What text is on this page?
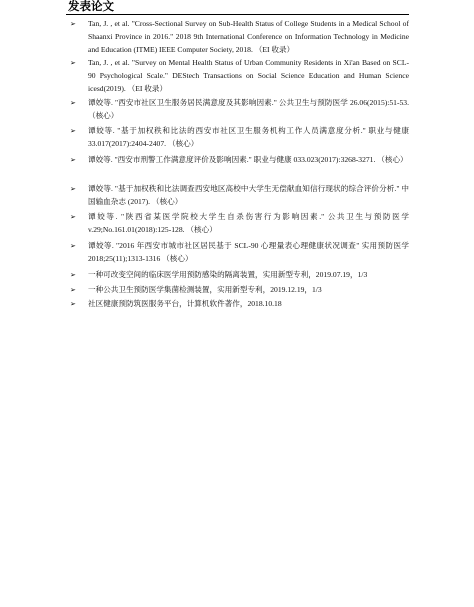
发表论文
➢ Tan, J. , et al. "Cross-Sectional Survey on Sub-Health Status of College Students in a Medical School of Shaanxi Province in 2016." 2018 9th International Conference on Information Technology in Medicine and Education (ITME) IEEE Computer Society, 2018. （EI 收录）
➢ Tan, J. , et al. "Survey on Mental Health Status of Urban Community Residents in Xi'an Based on SCL-90 Psychological Scale." DEStech Transactions on Social Science Education and Human Science icesd(2019). （EI 收录）
➢ 谭姣等. "西安市社区卫生服务居民满意度及其影响因素." 公共卫生与预防医学 26.06(2015):51-53. （核心）
➢ 谭姣等. "基于加权秩和比法的西安市社区卫生服务机构工作人员满意度分析." 职业与健康 33.017(2017):2404-2407. （核心）
➢ 谭姣等. "西安市刑警工作满意度评价及影响因素." 职业与健康 033.023(2017):3268-3271. （核心）
➢ 谭姣等. "基于加权秩和比法调查西安地区高校中大学生无偿献血知信行现状的综合评价分析." 中国输血杂志 (2017). （核心）
➢ 谭姣等. "陕西省某医学院校大学生自杀伤害行为影响因素." 公共卫生与预防医学 v.29;No.161.01(2018):125-128. （核心）
➢ 谭姣等. "2016 年西安市城市社区居民基于 SCL-90 心理量表心理健康状况调查" 实用预防医学 2018;25(11);1313-1316 （核心）
➢ 一种可改变空间的临床医学用预防感染的隔离装置，实用新型专利，2019.07.19，1/3
➢ 一种公共卫生预防医学集菌检测装置，实用新型专利，2019.12.19，1/3
➢ 社区健康预防筑医服务平台，计算机软件著作，2018.10.18
